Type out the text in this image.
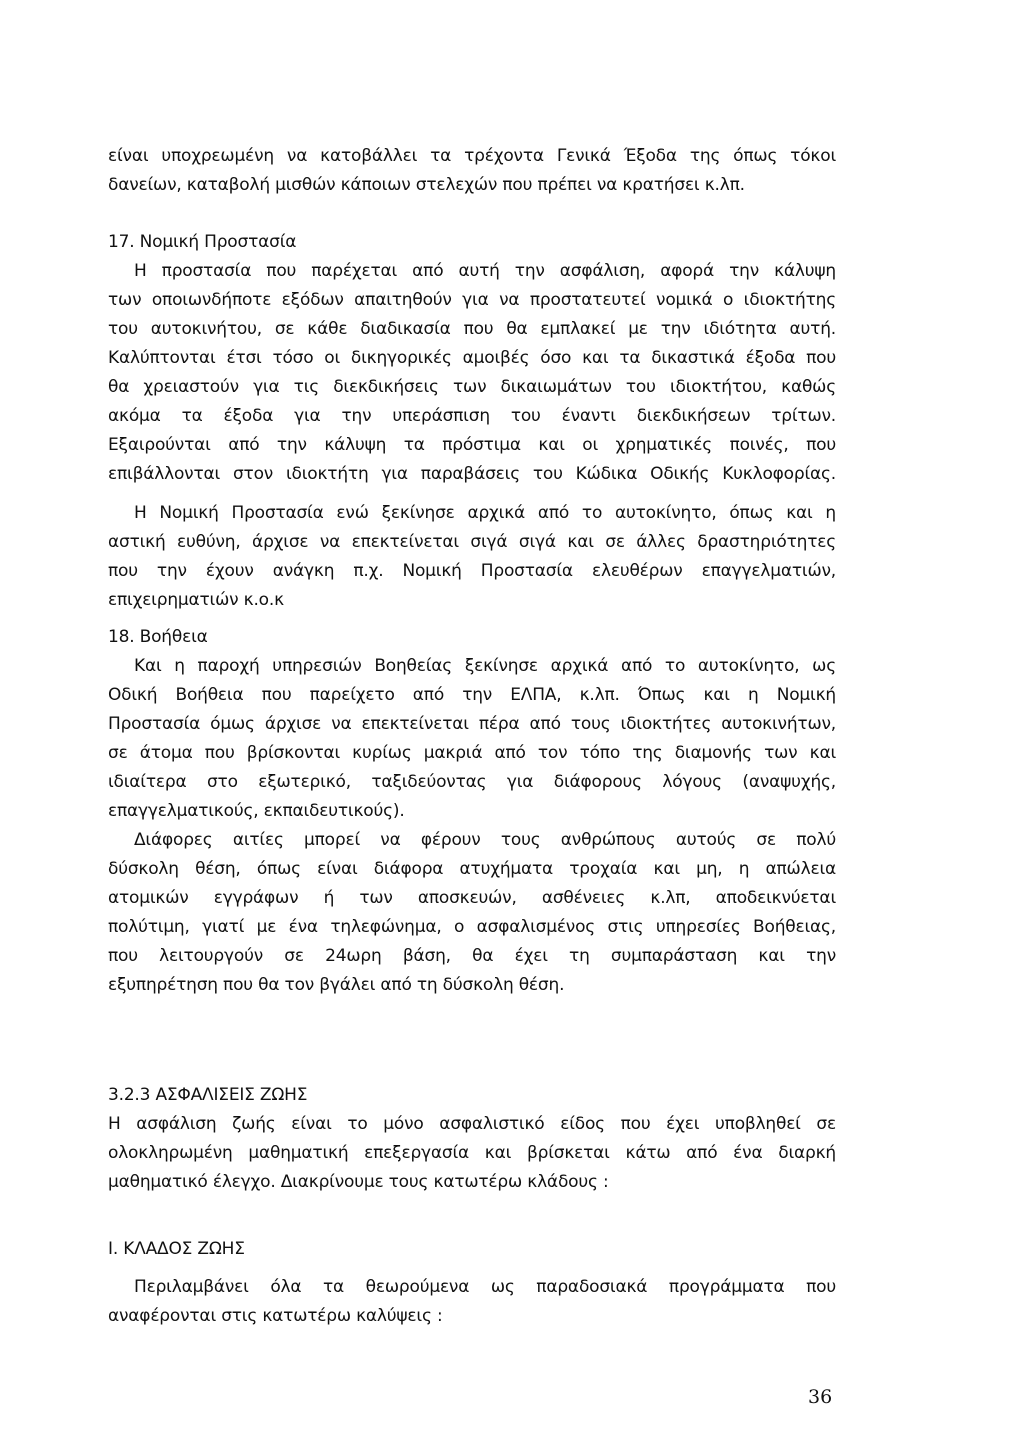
είναι υποχρεωμένη να κατοβάλλει τα τρέχοντα Γενικά Έξοδα της όπως τόκοι
δανείων, καταβολή μισθών κάποιων στελεχών που πρέπει να κρατήσει κ.λπ.
17. Νομική Προστασία
Η προστασία που παρέχεται από αυτή την ασφάλιση, αφορά την κάλυψη
των οποιωνδήποτε εξόδων απαιτηθούν για να προστατευτεί νομικά ο ιδιοκτήτης
του αυτοκινήτου, σε κάθε διαδικασία που θα εμπλακεί με την ιδιότητα αυτή.
Καλύπτονται έτσι τόσο οι δικηγορικές αμοιβές όσο και τα δικαστικά έξοδα που
θα χρειαστούν για τις διεκδικήσεις των δικαιωμάτων του ιδιοκτήτου, καθώς
ακόμα τα έξοδα για την υπεράσπιση του έναντι διεκδικήσεων τρίτων.
Εξαιρούνται από την κάλυψη τα πρόστιμα και οι χρηματικές ποινές, που
επιβάλλονται στον ιδιοκτήτη για παραβάσεις του Κώδικα Οδικής Κυκλοφορίας.
Η Νομική Προστασία ενώ ξεκίνησε αρχικά από το αυτοκίνητο, όπως και η
αστική ευθύνη, άρχισε να επεκτείνεται σιγά σιγά και σε άλλες δραστηριότητες
που την έχουν ανάγκη π.χ. Νομική Προστασία ελευθέρων επαγγελματιών,
επιχειρηματιών κ.ο.κ
18. Βοήθεια
Και η παροχή υπηρεσιών Βοηθείας ξεκίνησε αρχικά από το αυτοκίνητο, ως
Οδική Βοήθεια που παρείχετο από την ΕΛΠΑ, κ.λπ. Όπως και η Νομική
Προστασία όμως άρχισε να επεκτείνεται πέρα από τους ιδιοκτήτες αυτοκινήτων,
σε άτομα που βρίσκονται κυρίως μακριά από τον τόπο της διαμονής των και
ιδιαίτερα στο εξωτερικό, ταξιδεύοντας για διάφορους λόγους (αναψυχής,
επαγγελματικούς, εκπαιδευτικούς).
Διάφορες αιτίες μπορεί να φέρουν τους ανθρώπους αυτούς σε πολύ
δύσκολη θέση, όπως είναι διάφορα ατυχήματα τροχαία και μη, η απώλεια
ατομικών εγγράφων ή των αποσκευών, ασθένειες κ.λπ, αποδεικνύεται
πολύτιμη, γιατί με ένα τηλεφώνημα, ο ασφαλισμένος στις υπηρεσίες Βοήθειας,
που λειτουργούν σε 24ωρη βάση, θα έχει τη συμπαράσταση και την
εξυπηρέτηση που θα τον βγάλει από τη δύσκολη θέση.
3.2.3 ΑΣΦΑΛΙΣΕΙΣ ΖΩΗΣ
Η ασφάλιση ζωής είναι το μόνο ασφαλιστικό είδος που έχει υποβληθεί σε
ολοκληρωμένη μαθηματική επεξεργασία και βρίσκεται κάτω από ένα διαρκή
μαθηματικό έλεγχο. Διακρίνουμε τους κατωτέρω κλάδους :
Ι. ΚΛΑΔΟΣ ΖΩΗΣ
Περιλαμβάνει όλα τα θεωρούμενα ως παραδοσιακά προγράμματα που
αναφέρονται στις κατωτέρω καλύψεις :
36
